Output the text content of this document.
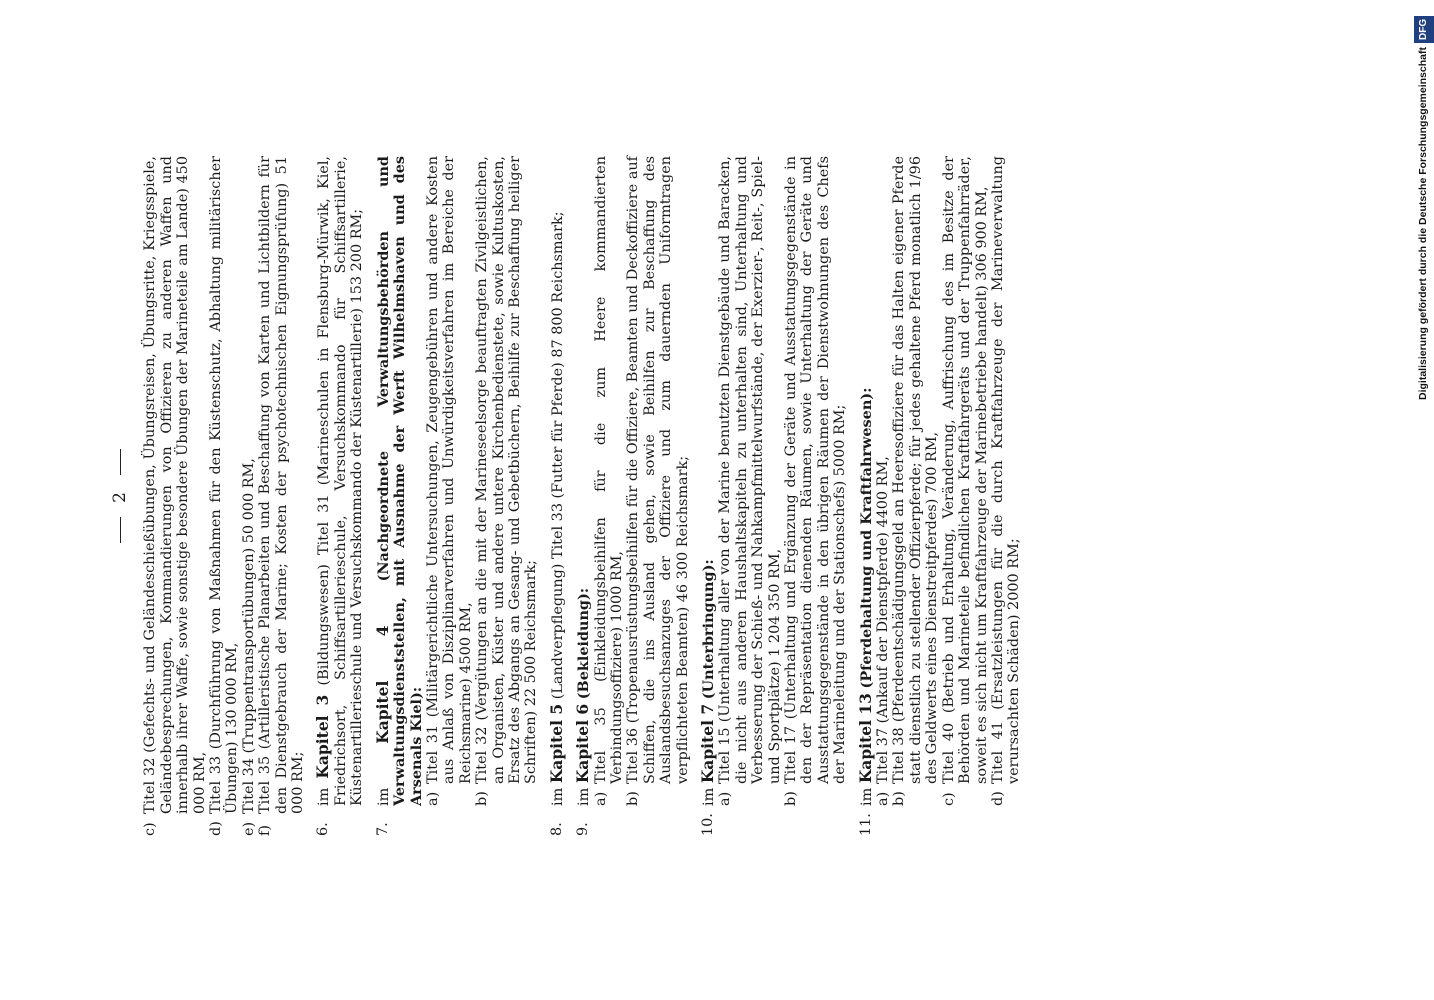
2
c)
Titel 32 (Gefechts- und Geländeschießübungen, Übungsreisen, Übungsritte, Kriegsspiele, Geländebesprechungen, Kommandierungen von Offizieren zu anderen Waffen und innerhalb ihrer Waffe, sowie sonstige besondere Übungen der Marineteile am Lande) 450 000 RM,
d)
Titel 33 (Durchführung von Maßnahmen für den Küstenschutz, Abhaltung militärischer Übungen) 130 000 RM,
e)
Titel 34 (Truppentransportübungen) 50 000 RM,
f)
Titel 35 (Artilleristische Planarbeiten und Beschaffung von Karten und Lichtbildern für den Dienstgebrauch der Marine; Kosten der psychotechnischen Eignungsprüfung) 51 000 RM;
6.

im Kapitel 3 (Bildungswesen) Titel 31 (Marineschulen in Flensburg-Mürwik, Kiel, Friedrichsort, Schiffsartillerieschule, Versuchskommando für Schiffsartillerie, Küstenartillerieschule und Versuchskommando der Küstenartillerie) 153 200 RM;

7.

im Kapitel 4 (Nachgeordnete Verwaltungsbehörden und Verwaltungsdienststellen, mit Ausnahme der Werft Wilhelmshaven und des Arsenals Kiel): a)
Titel 31 (Militärgerichtliche Untersuchungen, Zeugengebühren und andere Kosten aus Anlaß von Disziplinarverfahren und Unwürdigkeitsverfahren im Bereiche der Reichsmarine) 4500 RM,
b)
Titel 32 (Vergütungen an die mit der Marineseelsorge beauftragten Zivilgeistlichen, an Organisten, Küster und andere untere Kirchenbedienstete, sowie Kultuskosten, Ersatz des Abgangs an Gesang- und Gebetbüchern, Beihilfe zur Beschaffung heiliger Schriften) 22 500 Reichsmark;
8.

im Kapitel 5 (Landverpflegung) Titel 33 (Futter für Pferde) 87 800 Reichsmark;

9.

im Kapitel 6 (Bekleidung):

a)
Titel 35 (Einkleidungsbeihilfen für die zum Heere kommandierten Verbindungsoffiziere) 1000 RM,
b)
Titel 36 (Tropenausrüstungsbeihilfen für die Offiziere, Beamten und Deckoffiziere auf Schiffen, die ins Ausland gehen, sowie Beihilfen zur Beschaffung des Auslandsbesuchsanzuges der Offiziere und zum dauernden Uniformtragen verpflichteten Beamten) 46 300 Reichsmark;
10.

im Kapitel 7 (Unterbringung):

a)
Titel 15 (Unterhaltung aller von der Marine benutzten Dienstgebäude und Baracken, die nicht aus anderen Haushaltskapiteln zu unterhalten sind, Unterhaltung und Verbesserung der Schieß- und Nahkampfmittelwurfstände, der Exerzier-, Reit-, Spiel- und Sportplätze) 1 204 350 RM,
b)
Titel 17 (Unterhaltung und Ergänzung der Geräte und Ausstattungsgegenstände in den der Repräsentation dienenden Räumen, sowie Unterhaltung der Geräte und Ausstattungsgegenstände in den übrigen Räumen der Dienstwohnungen des Chefs der Marineleitung und der Stationschefs) 5000 RM;
11.

im Kapitel 13 (Pferdehaltung und Kraftfahrwesen):

a)
Titel 37 (Ankauf der Dienstpferde) 4400 RM,
b)
Titel 38 (Pferdeentschädigungsgeld an Heeresoffiziere für das Halten eigener Pferde statt dienstlich zu stellender Offizierpferde; für jedes gehaltene Pferd monatlich 1/96 des Geldwerts eines Dienstreitpferdes) 700 RM,
c)
Titel 40 (Betrieb und Erhaltung, Veränderung, Auffrischung des im Besitze der Behörden und Marineteile befindlichen Kraftfahrgeräts und der Truppenfahrräder, soweit es sich nicht um Kraftfahrzeuge der Marinebetriebe handelt) 306 900 RM,
d)
Titel 41 (Ersatzleistungen für die durch Kraftfahrzeuge der Marineverwaltung verursachten Schäden) 2000 RM;
Digitalisierung gefördert durch die Deutsche ForschungsgemeinschaftDFG
